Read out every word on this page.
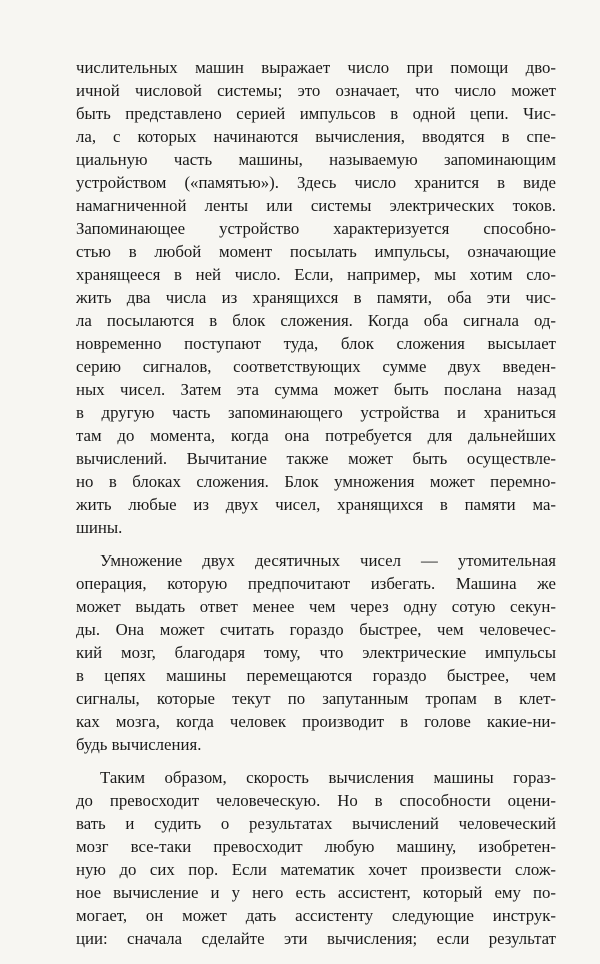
числительных машин выражает число при помощи дво-
ичной числовой системы; это означает, что число может
быть представлено серией импульсов в одной цепи. Чис-
ла, с которых начинаются вычисления, вводятся в спе-
циальную часть машины, называемую запоминающим
устройством («памятью»). Здесь число хранится в виде
намагниченной ленты или системы электрических токов.
Запоминающее устройство характеризуется способно-
стью в любой момент посылать импульсы, означающие
хранящееся в ней число. Если, например, мы хотим сло-
жить два числа из хранящихся в памяти, оба эти чис-
ла посылаются в блок сложения. Когда оба сигнала од-
новременно поступают туда, блок сложения высылает
серию сигналов, соответствующих сумме двух введен-
ных чисел. Затем эта сумма может быть послана назад
в другую часть запоминающего устройства и храниться
там до момента, когда она потребуется для дальнейших
вычислений. Вычитание также может быть осуществле-
но в блоках сложения. Блок умножения может перемно-
жить любые из двух чисел, хранящихся в памяти ма-
шины.
Умножение двух десятичных чисел — утомительная
операция, которую предпочитают избегать. Машина же
может выдать ответ менее чем через одну сотую секун-
ды. Она может считать гораздо быстрее, чем человечес-
кий мозг, благодаря тому, что электрические импульсы
в цепях машины перемещаются гораздо быстрее, чем
сигналы, которые текут по запутанным тропам в клет-
ках мозга, когда человек производит в голове какие-ни-
будь вычисления.
Таким образом, скорость вычисления машины гораз-
до превосходит человеческую. Но в способности оцени-
вать и судить о результатах вычислений человеческий
мозг все-таки превосходит любую машину, изобретен-
ную до сих пор. Если математик хочет произвести слож-
ное вычисление и у него есть ассистент, который ему по-
могает, он может дать ассистенту следующие инструк-
ции: сначала сделайте эти вычисления; если результат
